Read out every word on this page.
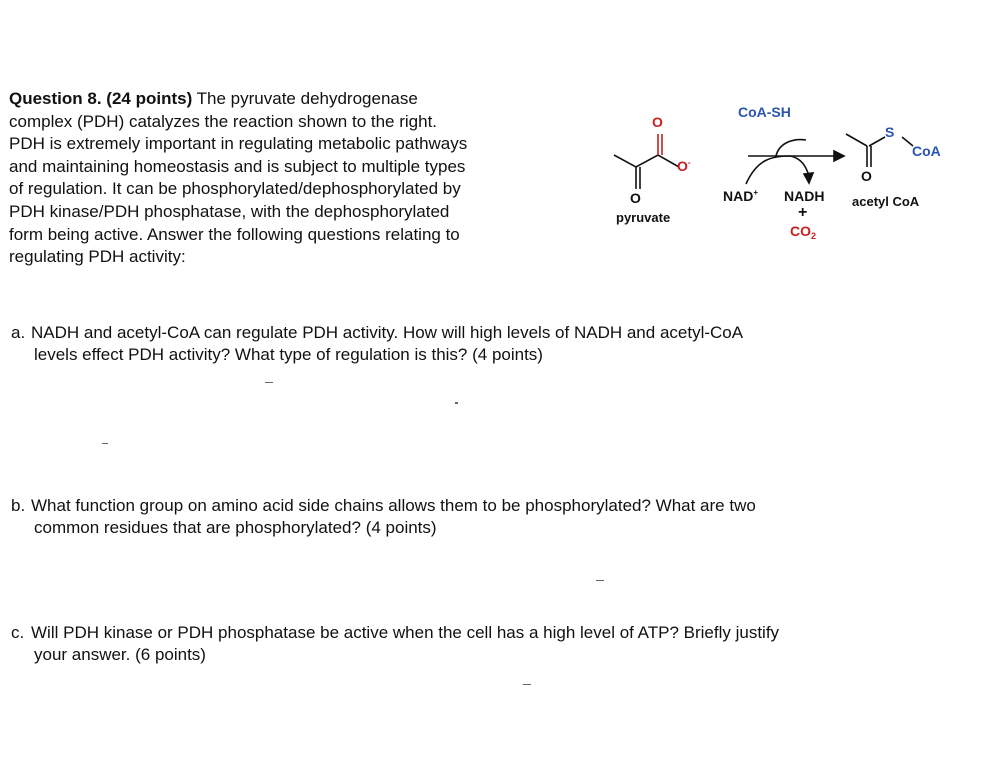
Question 8. (24 points) The pyruvate dehydrogenase
complex (PDH) catalyzes the reaction shown to the right.
PDH is extremely important in regulating metabolic pathways
and maintaining homeostasis and is subject to multiple types
of regulation. It can be phosphorylated/dephosphorylated by
PDH kinase/PDH phosphatase, with the dephosphorylated
form being active. Answer the following questions relating to
regulating PDH activity:

O
O
O-
pyruvate
CoA-SH
NAD+ NADH
+
$CO_2$
O
S
CoA
acetyl CoA

a. NADH and acetyl-CoA can regulate PDH activity. How will high levels of NADH and acetyl-CoA
levels effect PDH activity? What type of regulation is this? (4 points)

b. What function group on amino acid side chains allows them to be phosphorylated? What are two
common residues that are phosphorylated? (4 points)

c. Will PDH kinase or PDH phosphatase be active when the cell has a high level of ATP? Briefly justify
your answer. (6 points)
